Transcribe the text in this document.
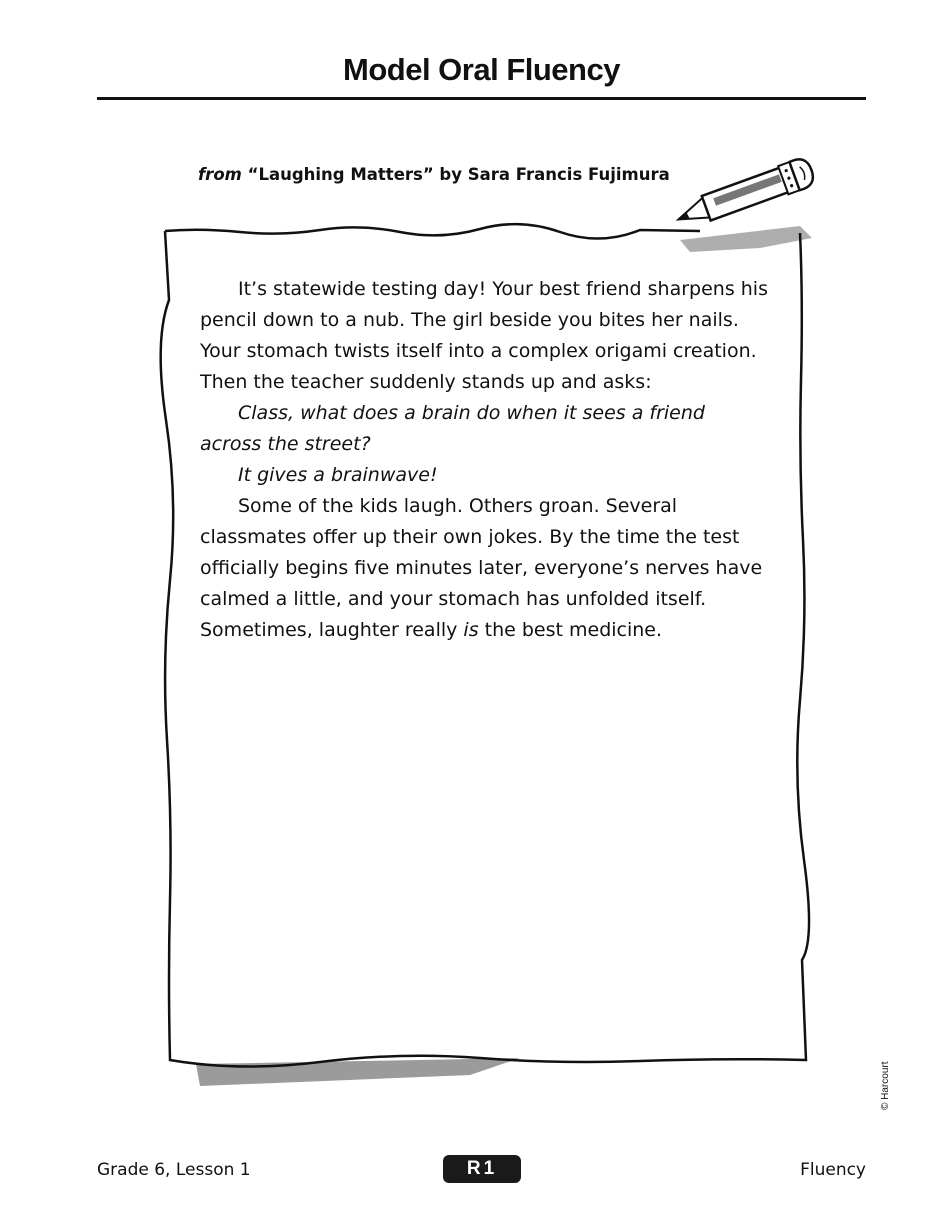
Model Oral Fluency
from “Laughing Matters” by Sara Francis Fujimura

It’s statewide testing day! Your best friend sharpens his pencil down to a nub. The girl beside you bites her nails. Your stomach twists itself into a complex origami creation. Then the teacher suddenly stands up and asks:

Class, what does a brain do when it sees a friend across the street?

It gives a brainwave!

Some of the kids laugh. Others groan. Several classmates offer up their own jokes. By the time the test officially begins five minutes later, everyone’s nerves have calmed a little, and your stomach has unfolded itself. Sometimes, laughter really is the best medicine.

© Harcourt
Grade 6, Lesson 1	R1	Fluency
